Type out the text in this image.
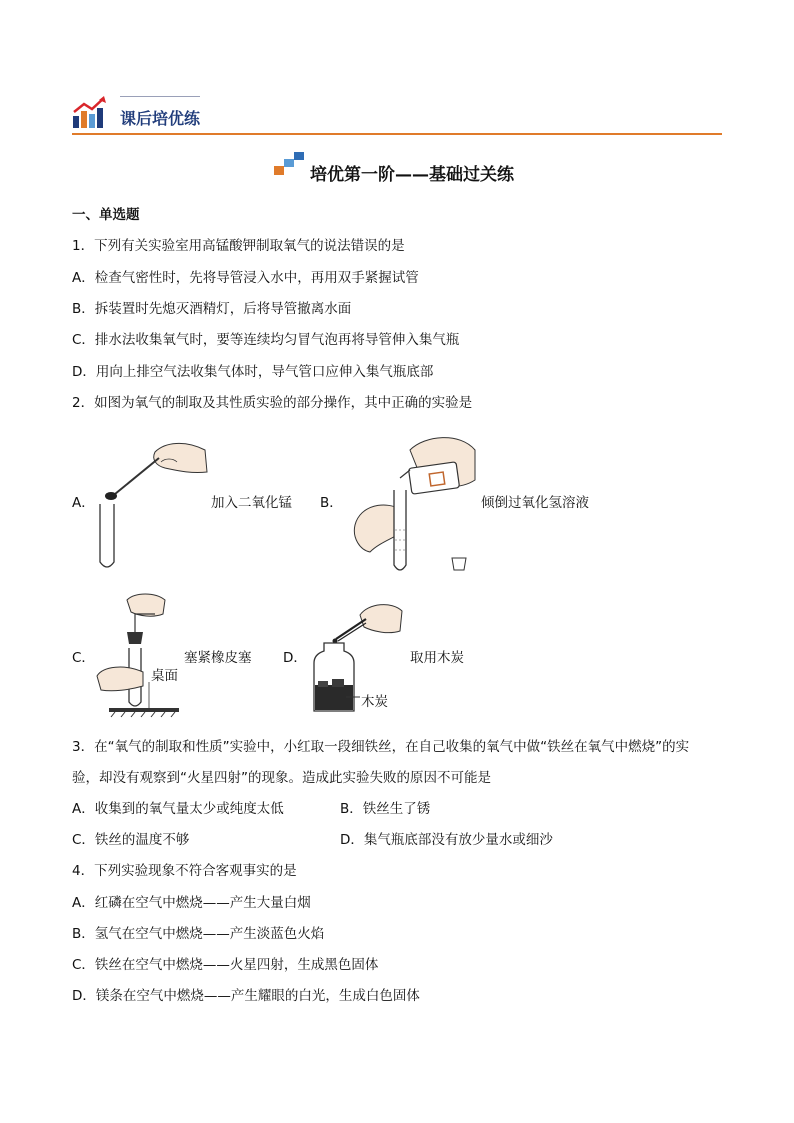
课后培优练
培优第一阶——基础过关练
一、单选题
1．下列有关实验室用高锰酸钾制取氧气的说法错误的是
A．检查气密性时，先将导管浸入水中，再用双手紧握试管
B．拆装置时先熄灭酒精灯，后将导管撤离水面
C．排水法收集氧气时，要等连续均匀冒气泡再将导管伸入集气瓶
D．用向上排空气法收集气体时，导气管口应伸入集气瓶底部
2．如图为氧气的制取及其性质实验的部分操作，其中正确的实验是
A．	加入二氧化锰 B．	倾倒过氧化氢溶液
C．
桌面
塞紧橡皮塞 D．
木炭
取用木炭
3．在“氧气的制取和性质”实验中，小红取一段细铁丝，在自己收集的氧气中做“铁丝在氧气中燃烧”的实
验，却没有观察到“火星四射”的现象。造成此实验失败的原因不可能是
A．收集到的氧气量太少或纯度太低	B．铁丝生了锈
C．铁丝的温度不够	D．集气瓶底部没有放少量水或细沙
4．下列实验现象不符合客观事实的是
A．红磷在空气中燃烧——产生大量白烟
B．氢气在空气中燃烧——产生淡蓝色火焰
C．铁丝在空气中燃烧——火星四射，生成黑色固体
D．镁条在空气中燃烧——产生耀眼的白光，生成白色固体
